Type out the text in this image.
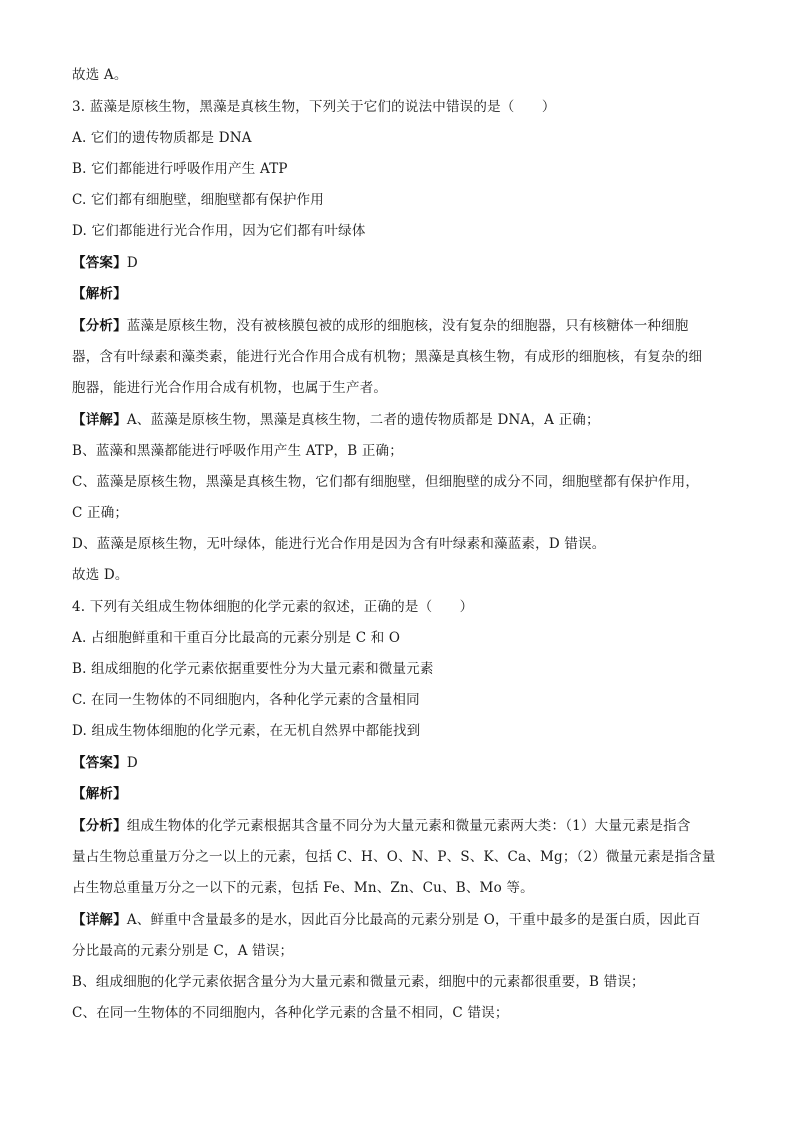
故选 A。
3. 蓝藻是原核生物，黑藻是真核生物，下列关于它们的说法中错误的是（　　）
A. 它们的遗传物质都是 DNA
B. 它们都能进行呼吸作用产生 ATP
C. 它们都有细胞壁，细胞壁都有保护作用
D. 它们都能进行光合作用，因为它们都有叶绿体
【答案】D
【解析】
【分析】蓝藻是原核生物，没有被核膜包被的成形的细胞核，没有复杂的细胞器，只有核糖体一种细胞
器，含有叶绿素和藻类素，能进行光合作用合成有机物；黑藻是真核生物，有成形的细胞核，有复杂的细
胞器，能进行光合作用合成有机物，也属于生产者。
【详解】A、蓝藻是原核生物，黑藻是真核生物，二者的遗传物质都是 DNA，A 正确；
B、蓝藻和黑藻都能进行呼吸作用产生 ATP，B 正确；
C、蓝藻是原核生物，黑藻是真核生物，它们都有细胞壁，但细胞壁的成分不同，细胞壁都有保护作用，
C 正确；
D、蓝藻是原核生物，无叶绿体，能进行光合作用是因为含有叶绿素和藻蓝素，D 错误。
故选 D。
4. 下列有关组成生物体细胞的化学元素的叙述，正确的是（　　）
A. 占细胞鲜重和干重百分比最高的元素分别是 C 和 O
B. 组成细胞的化学元素依据重要性分为大量元素和微量元素
C. 在同一生物体的不同细胞内，各种化学元素的含量相同
D. 组成生物体细胞的化学元素，在无机自然界中都能找到
【答案】D
【解析】
【分析】组成生物体的化学元素根据其含量不同分为大量元素和微量元素两大类：（1）大量元素是指含
量占生物总重量万分之一以上的元素，包括 C、H、O、N、P、S、K、Ca、Mg；（2）微量元素是指含量
占生物总重量万分之一以下的元素，包括 Fe、Mn、Zn、Cu、B、Mo 等。
【详解】A、鲜重中含量最多的是水，因此百分比最高的元素分别是 O，干重中最多的是蛋白质，因此百
分比最高的元素分别是 C，A 错误；
B、组成细胞的化学元素依据含量分为大量元素和微量元素，细胞中的元素都很重要，B 错误；
C、在同一生物体的不同细胞内，各种化学元素的含量不相同，C 错误；
